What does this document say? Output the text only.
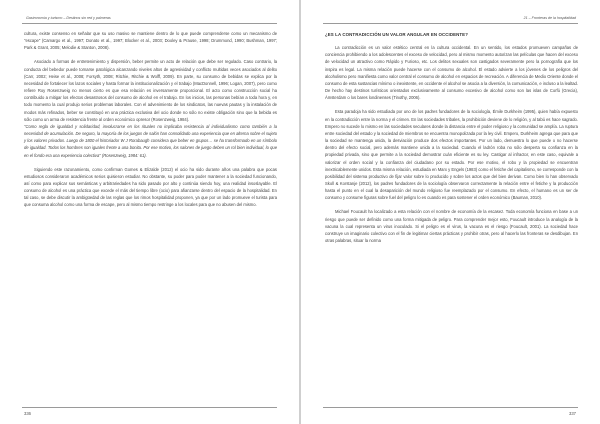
Gastronomía y turismo – Destinos sin red y palmeras

cultura, existe consenso en señalar que su uso masivo se mantiene dentro de lo que puede comprenderse como un mecanismo de "escape" (Camargo et al., 1997; Donato et al., 1997; Blocker et al., 2003; Dooley & Prause, 1998; Drummond, 1990; Bushman, 1997; Park & Grant, 2005; Melodie & Stanton, 2008).

Asociado a formas de entretenimiento y dispersión, beber permite un acto de relación que debe ser regulado. Caso contrario, la conducta del bebedor puede tornarse patológica alcanzando niveles altos de agresividad y conflicto multidas veces asociados al delito (Carr, 2002; Heise et al., 2008; Forsyth, 2008; Ritchie, Ritchie & Wolff, 2009). En parte, su consumo de bebidas se explica por la necesidad de fortalecer los lazos sociales y hasta formar la institucionalización y el trabajo (MacDonnell, 1996; Logan, 2007), pero como refiere Roy Rosenzweig no menos cierto es que esa relación es inversamente proporcional. El acto como construcción social ha contribuido a mitigar los efectos desastrosos del consumo de alcohol en el trabajo. En los inicios, las personas bebían a toda hora y, en todo momento la cual produjo serios problemas laborales. Con el advenimiento de los sindicatos, las nuevas pautas y la instalación de modos más refinados, beber se constituyó en una práctica exclusiva del ocio donde no sólo no existe obligación sino que la bebida es sólo como un arma de resistencia frente al orden económico opresor (Rosenzweig, 1984).

"Como regla de igualdad y solidaridad, involucrarse en los rituales no implicaba resistencia al individualismo como también a la necesidad de acumulación. De seguro, la mayoría de los juegos de salón han consolidado una experiencia que en alterna sobre el sujeto y los valores privados. Luego de 1800 el historiador W J Rorabaugh considera que beber en grupos… se ha transformado en un símbolo de igualdad. Todos los hombres son iguales frente a una bonita. Por ese motivo, los salones de juego deben un rol bien individual, lo que en el fondo era una experiencia colectiva" (Rosenzweig, 1984: 61).

Siguiendo este razonamiento, como confirman Gomes & Elizalde (2012) el ocio ha sido durante años una palabra que pocas estudiosos consideraron académicos serios quisieron estudiar. No obstante, su poder para poder mantener a la sociedad funcionando, así como para explicar sus semánticas y arbitrariedades ha sido pasado por alto y continúa siendo hoy, una realidad insoslayable. El consumo de alcohol es una práctica que excede el más del tiempo libre (ocio) para afianzarse dentro del espacio de la hospitalidad. En tal caso, se debe discutir la ambigüedad de las reglas que los rimos hospitalidad proponen, ya que por un lado promueve el turista para que consuma alcohol como una forma de escape, pero al mismo tiempo restringe a los locales para que no abusen del mismo.

336
21 – Fronteras de la hospitalidad
¿ES LA CONTRADICCIÓN UN VALOR ANGULAR EN OCCIDENTE?

La contradicción es un valor estético central en la cultura occidental. En un sentido, los estados promueven campañas de conciencia prohibiendo a los adolescentes el exceso de velocidad, pero al mismo momento autorizan las películas que hacen del exceso de velocidad un atractivo como Rápido y Furioso, etc. Los delitos sexuales son castigados severamente pero la pornografía que los inspira es legal. La misma relación puede hacerse con el consumo de alcohol. El estado advierte a los jóvenes de los peligros del alcoholismo pero manifiesta como valor central el consumo de alcohol en espacios de recreación. A diferencia de Medio Oriente donde el consumo de esta sustancias mínimo o inexistente, en occidente el alcohol se asocia a la diversión, la comunicación, e incluso a la lealtad. De hecho hay destinos turísticos orientados exclusivamente al consumo excesivo de alcohol como son las islas de Corfú (Grecia), Ámsterdam o los bares londinenses (Tinothy, 2006).

Esta paradoja ha sido estudiada por uno de los padres fundadores de la sociología, Émile Durkheim (1995), quien había expuesto en la contradicción entre la norma y el crimen. En las sociedades tribales, la prohibición deviene de lo religión, y al tabú es hace sagrado. Empero no sucede lo mismo en las sociedades seculares donde la distancia entre el poder religioso y la comunidad se amplía. La ruptura entre sociedad del estado y la sociedad de miembros se encuentra monopolizada por la ley civil. Empero, Durkheim agrega que para que la sociedad se mantenga unida, la desviación produce dos efectos importantes. Por un lado, demuestra lo que puede o no hacerse dentro del efecto social, pero además mantiene unida a la sociedad. Cuando el ladrón roba no sólo desperta su confianza en la propiedad privada, sino que permite a la sociedad demostrar cuán eficiente es su ley. Castigar al infractor, en este caso, equivale a valorizar el orden social y la confianza del ciudadano por su estado. Por ese motivo, el robo y la propiedad se encuentran inextricablemente unidos. Esta misma relación, estudiada en Marx y Engels (1983) como el fetiche del capitalismo, se corresponde con la posibilidad del sistema productivo de fijar valor sobre lo producido y sobre los actos que del bien derivan. Como bien lo han observado Skoll & Korstanje (2012), los padres fundadores de la sociología observaron correctamente la relación entre el fetiche y la producción hasta el punto en el cual la desaparición del mundo religioso fue reemplazado por el consumo. En efecto, el humano es un ser de consumo y consume figuras sobre fuel del peligro lo es cuando es para sostener el orden económico (Bauman, 2010).

Michael Foucault ha localizado a esta relación con el nombre de economía de la escasez. Toda economía funciona en base a un riesgo que puede ser definido como una forma mitigada de peligro. Para comprender mejor esto, Foucault introduce la analogía de la vacuna la cual representa un virus inoculado. Si el peligro es el virus, la vacuna es el riesgo (Foucault, 2001). La sociedad hace construye un imaginario colectivo con el fin de legitimar ciertas prácticas y prohibir otras, pero al hacerlo las fronteras se desdibujan. En otras palabras, situar la norma

337
